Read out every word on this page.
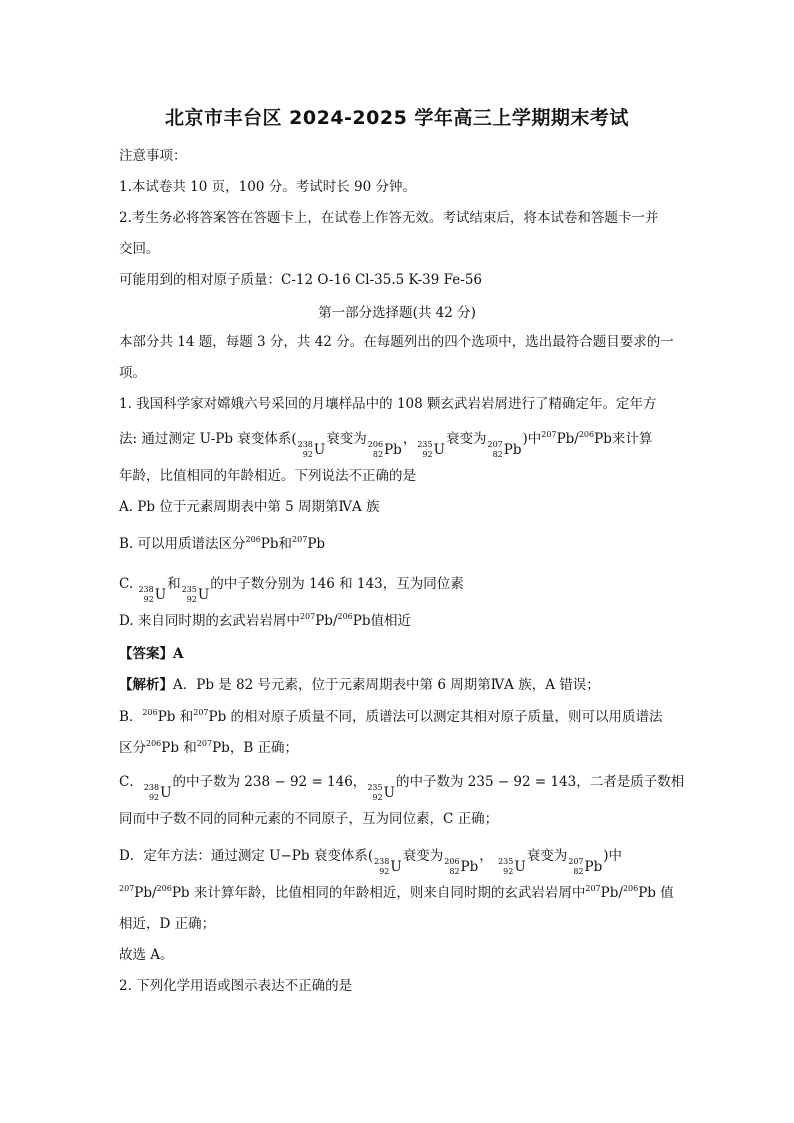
北京市丰台区 2024-2025 学年高三上学期期末考试
注意事项：
1.本试卷共 10 页，100 分。考试时长 90 分钟。
2.考生务必将答案答在答题卡上，在试卷上作答无效。考试结束后，将本试卷和答题卡一并
交回。
可能用到的相对原子质量：C-12 O-16 Cl-35.5 K-39 Fe-56
第一部分选择题(共 42 分)
本部分共 14 题，每题 3 分，共 42 分。在每题列出的四个选项中，选出最符合题目要求的一
项。
1. 我国科学家对嫦娥六号采回的月壤样品中的 108 颗玄武岩岩屑进行了精确定年。定年方
法: 通过测定 U-Pb 衰变体系( 238
92 U
衰变为 206
82 Pb
， 235
92 U
衰变为 207
82 Pb
)中$^{207}$Pb/$^{206}$Pb来计算
年龄，比值相同的年龄相近。下列说法不正确的是
A. Pb 位于元素周期表中第 5 周期第ⅣA 族
B. 可以用质谱法区分$^{206}$Pb和$^{207}$Pb
C. 238
92 U
和 235
92 U
的中子数分别为 146 和 143，互为同位素
D. 来自同时期的玄武岩岩屑中$^{207}$Pb/$^{206}$Pb值相近
【答案】A
【解析】A．Pb 是 82 号元素，位于元素周期表中第 6 周期第ⅣA 族，A 错误；
B．$^{206}$Pb 和$^{207}$Pb 的相对原子质量不同，质谱法可以测定其相对原子质量，则可以用质谱法
区分$^{206}$Pb 和$^{207}$Pb，B 正确；
C． 238
92 U
的中子数为 238 − 92 = 146， 235
92 U
的中子数为 235 − 92 = 143，二者是质子数相
同而中子数不同的同种元素的不同原子，互为同位素，C 正确；
D．定年方法：通过测定 U−Pb 衰变体系( 238
92 U
衰变为 206
82 Pb
， 235
92 U
衰变为 207
82 Pb
)中
$^{207}$Pb/$^{206}$Pb 来计算年龄，比值相同的年龄相近，则来自同时期的玄武岩岩屑中$^{207}$Pb/$^{206}$Pb 值
相近，D 正确；
故选 A。
2. 下列化学用语或图示表达不正确的是
